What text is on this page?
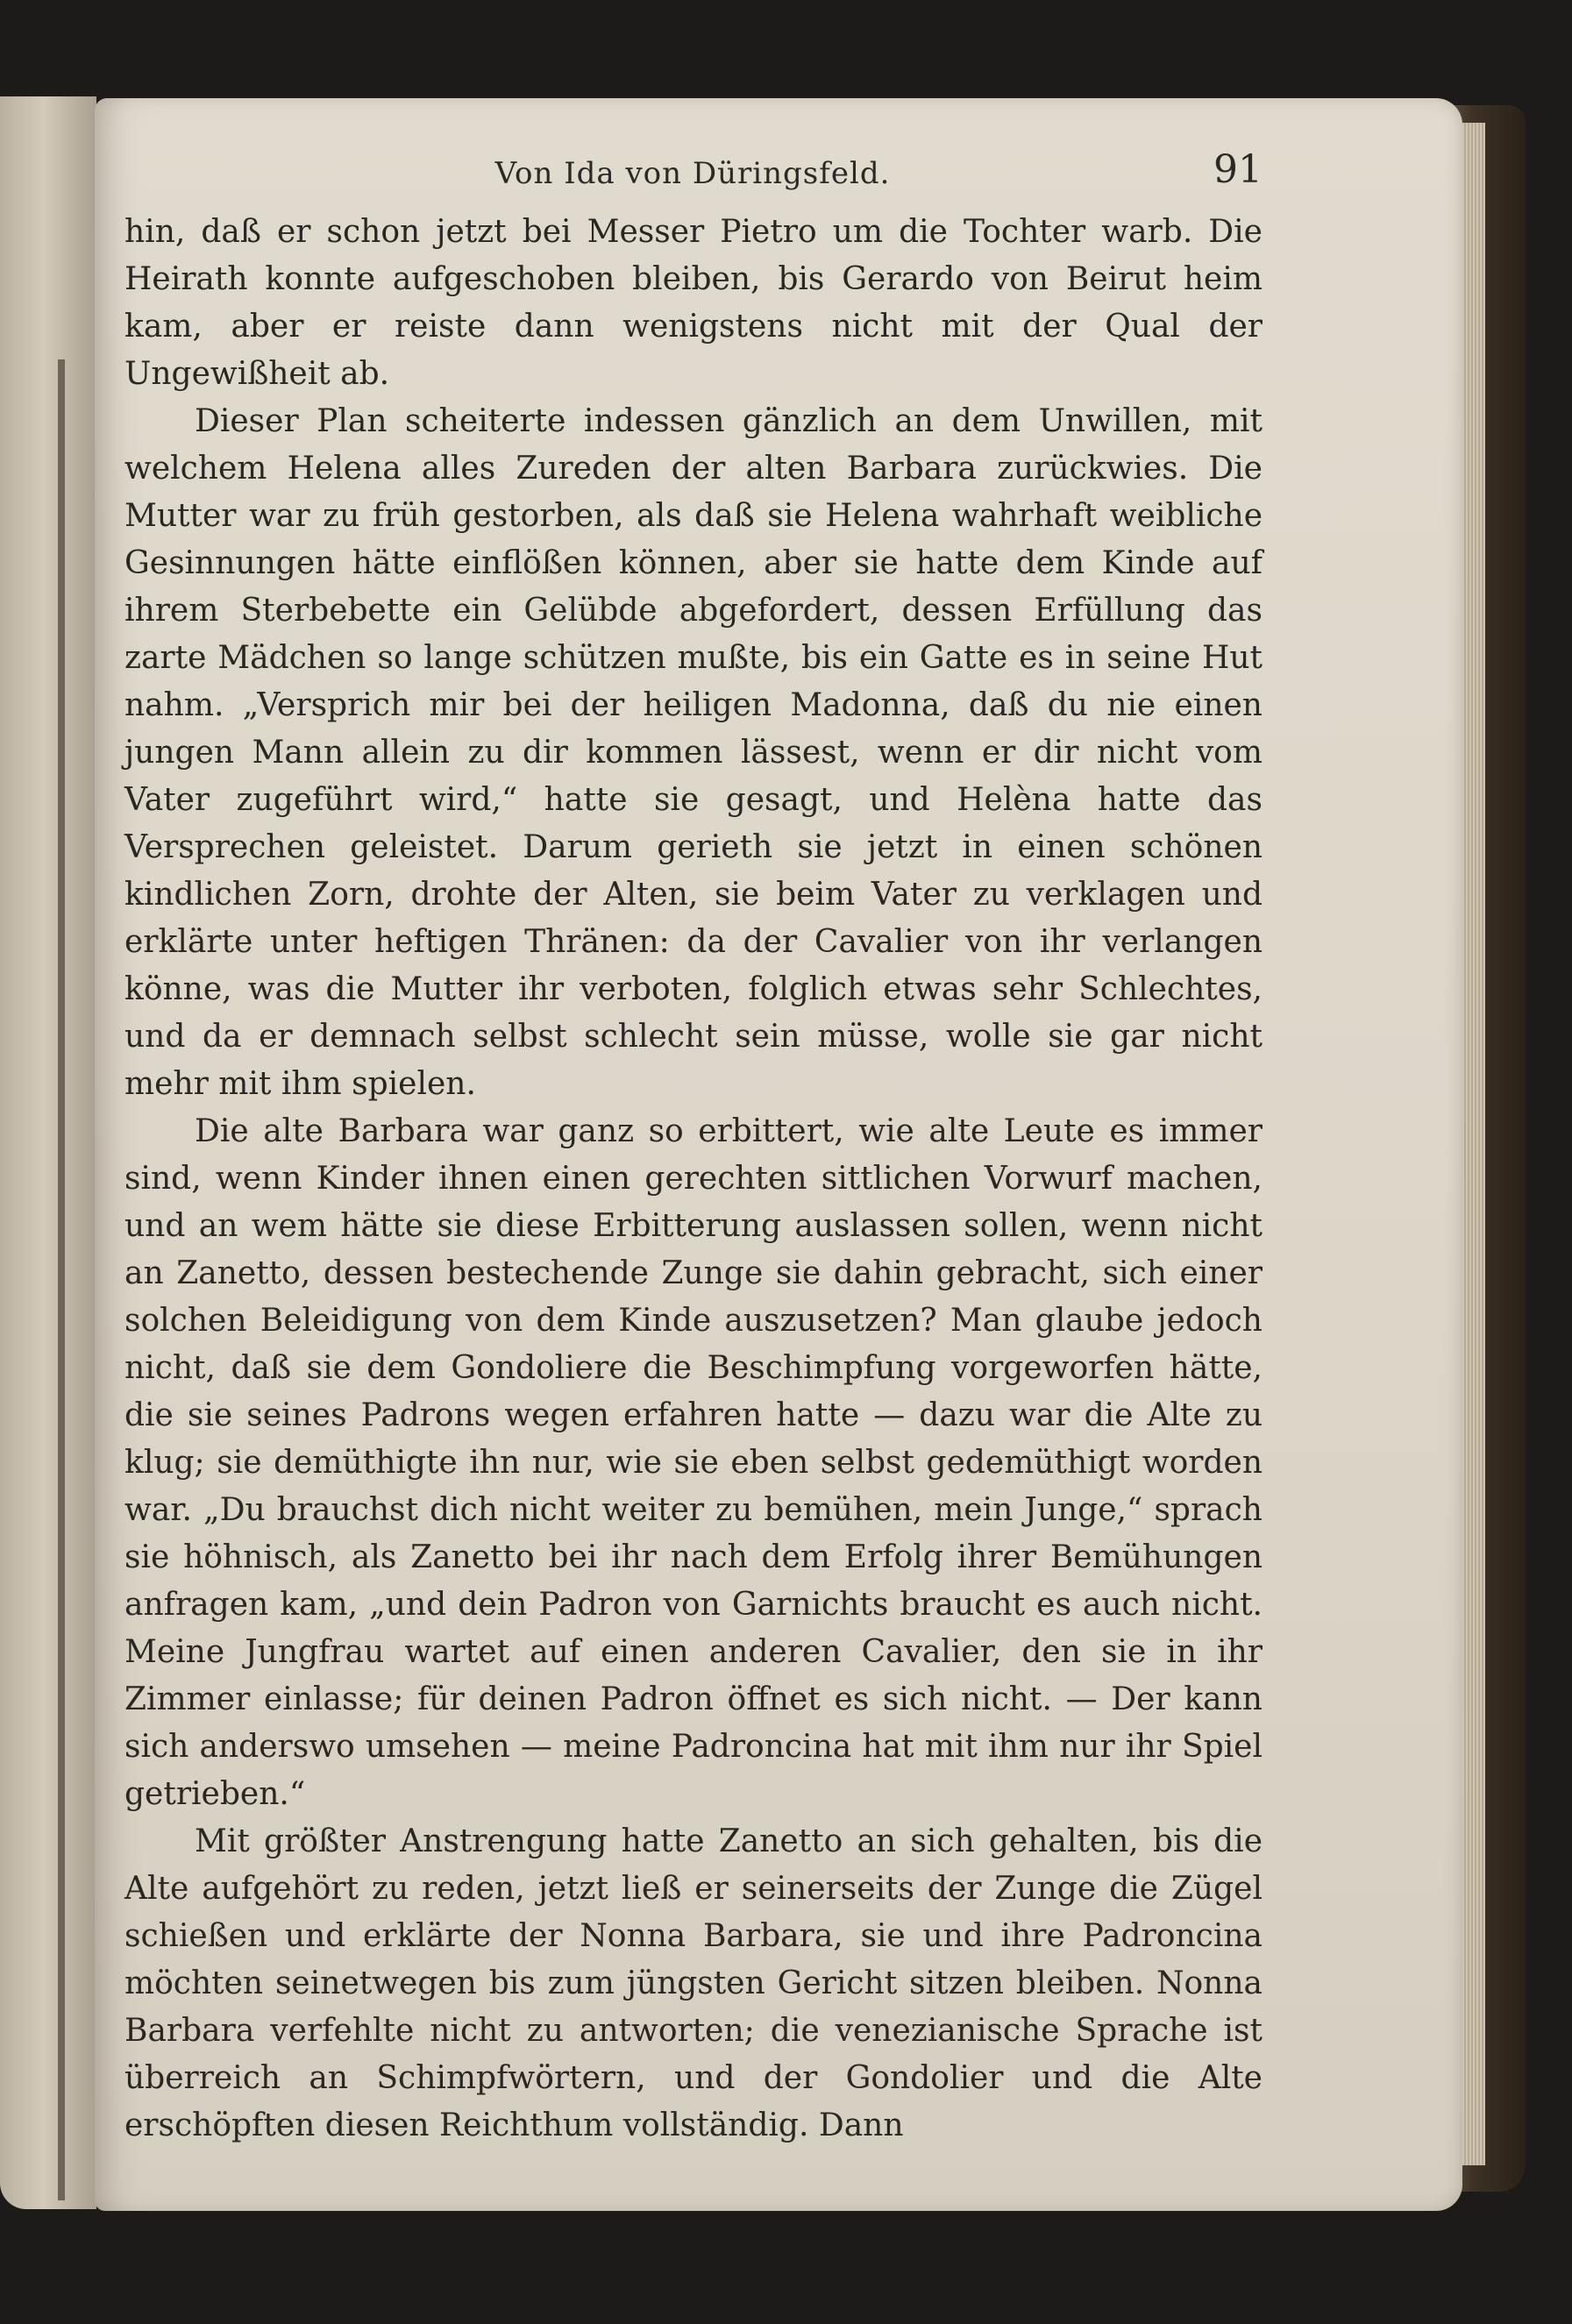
Von Ida von Düringsfeld.	91

hin, daß er schon jetzt bei Messer Pietro um die Tochter warb. Die Heirath konnte aufgeschoben bleiben, bis Gerardo von Beirut heim kam, aber er reiste dann wenigstens nicht mit der Qual der Ungewißheit ab.

Dieser Plan scheiterte indessen gänzlich an dem Unwillen, mit welchem Helena alles Zureden der alten Barbara zurückwies. Die Mutter war zu früh gestorben, als daß sie Helena wahrhaft weibliche Gesinnungen hätte einflößen können, aber sie hatte dem Kinde auf ihrem Sterbebette ein Gelübde abgefordert, dessen Erfüllung das zarte Mädchen so lange schützen mußte, bis ein Gatte es in seine Hut nahm. „Versprich mir bei der heiligen Madonna, daß du nie einen jungen Mann allein zu dir kommen lässest, wenn er dir nicht vom Vater zugeführt wird,“ hatte sie gesagt, und Helèna hatte das Versprechen geleistet. Darum gerieth sie jetzt in einen schönen kindlichen Zorn, drohte der Alten, sie beim Vater zu verklagen und erklärte unter heftigen Thränen: da der Cavalier von ihr verlangen könne, was die Mutter ihr verboten, folglich etwas sehr Schlechtes, und da er demnach selbst schlecht sein müsse, wolle sie gar nicht mehr mit ihm spielen.

Die alte Barbara war ganz so erbittert, wie alte Leute es immer sind, wenn Kinder ihnen einen gerechten sittlichen Vorwurf machen, und an wem hätte sie diese Erbitterung auslassen sollen, wenn nicht an Zanetto, dessen bestechende Zunge sie dahin gebracht, sich einer solchen Beleidigung von dem Kinde auszusetzen? Man glaube jedoch nicht, daß sie dem Gondoliere die Beschimpfung vorgeworfen hätte, die sie seines Padrons wegen erfahren hatte — dazu war die Alte zu klug; sie demüthigte ihn nur, wie sie eben selbst gedemüthigt worden war. „Du brauchst dich nicht weiter zu bemühen, mein Junge,“ sprach sie höhnisch, als Zanetto bei ihr nach dem Erfolg ihrer Bemühungen anfragen kam, „und dein Padron von Garnichts braucht es auch nicht. Meine Jungfrau wartet auf einen anderen Cavalier, den sie in ihr Zimmer einlasse; für deinen Padron öffnet es sich nicht. — Der kann sich anderswo umsehen — meine Padroncina hat mit ihm nur ihr Spiel getrieben.“

Mit größter Anstrengung hatte Zanetto an sich gehalten, bis die Alte aufgehört zu reden, jetzt ließ er seinerseits der Zunge die Zügel schießen und erklärte der Nonna Barbara, sie und ihre Padroncina möchten seinetwegen bis zum jüngsten Gericht sitzen bleiben. Nonna Barbara verfehlte nicht zu antworten; die venezianische Sprache ist überreich an Schimpfwörtern, und der Gondolier und die Alte erschöpften diesen Reichthum vollständig. Dann
